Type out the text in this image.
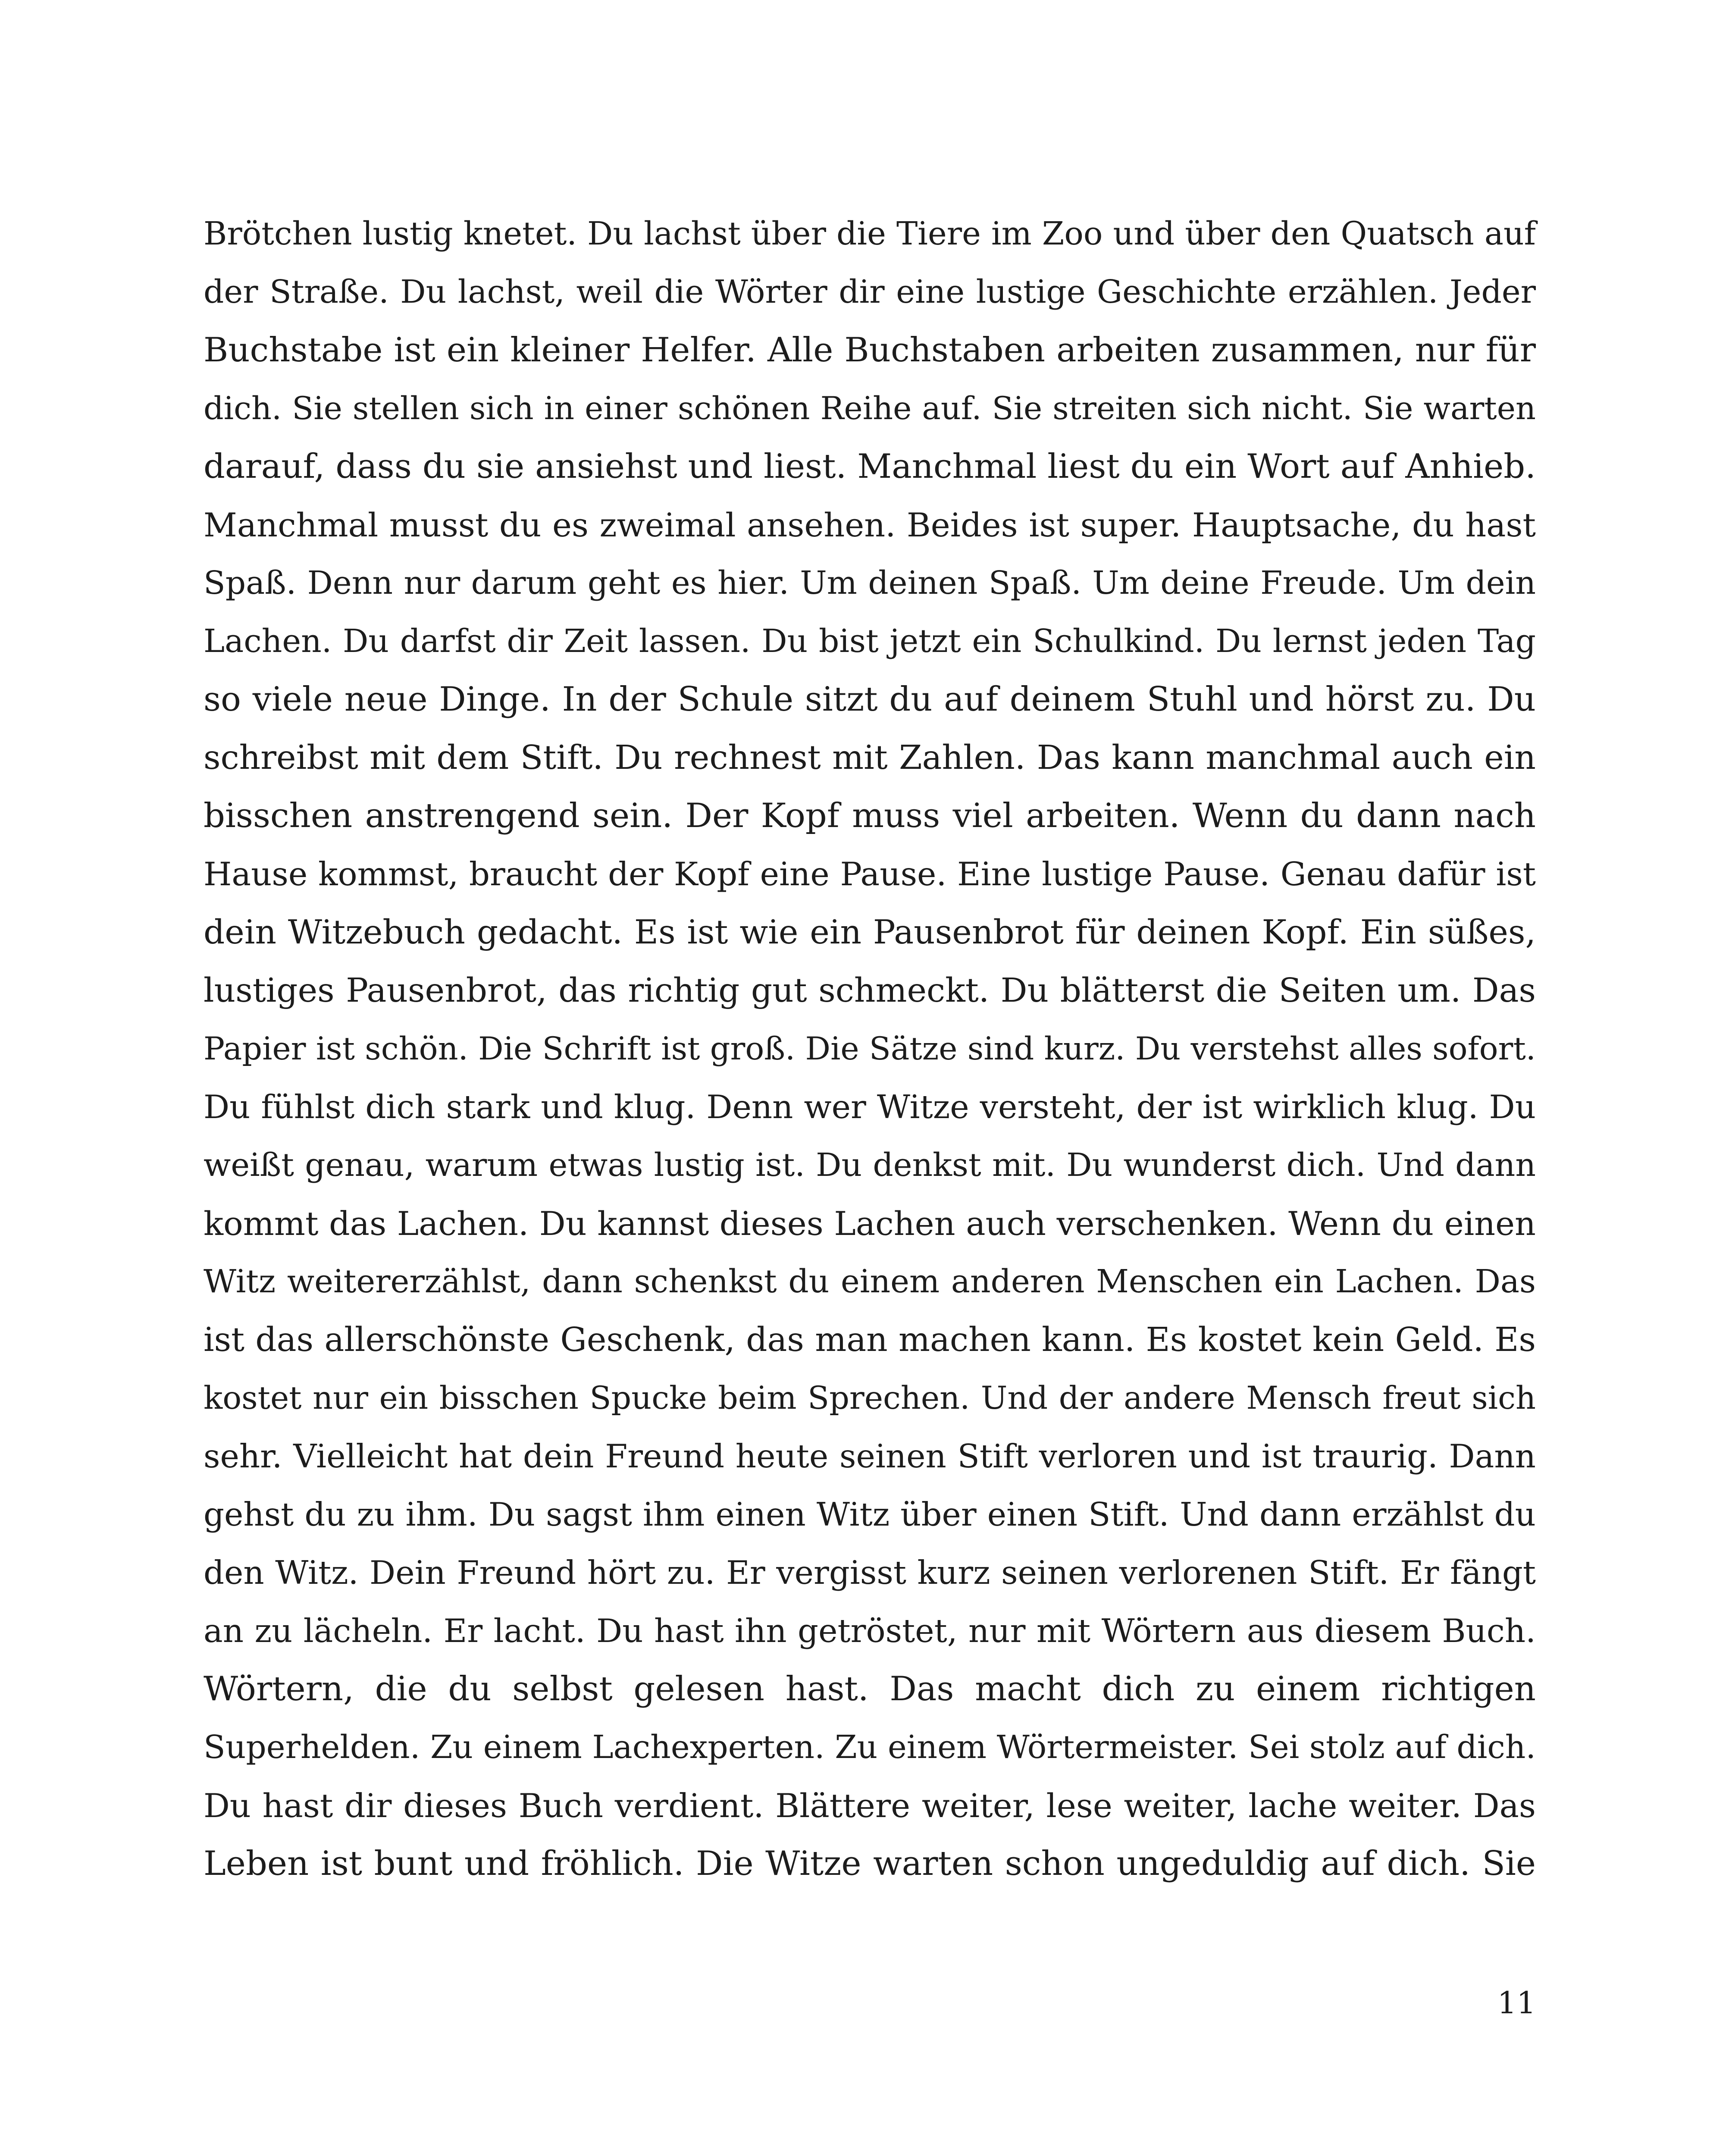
Brötchen lustig knetet. Du lachst über die Tiere im Zoo und über den Quatsch auf
der Straße. Du lachst, weil die Wörter dir eine lustige Geschichte erzählen. Jeder
Buchstabe ist ein kleiner Helfer. Alle Buchstaben arbeiten zusammen, nur für
dich. Sie stellen sich in einer schönen Reihe auf. Sie streiten sich nicht. Sie warten
darauf, dass du sie ansiehst und liest. Manchmal liest du ein Wort auf Anhieb.
Manchmal musst du es zweimal ansehen. Beides ist super. Hauptsache, du hast
Spaß. Denn nur darum geht es hier. Um deinen Spaß. Um deine Freude. Um dein
Lachen. Du darfst dir Zeit lassen. Du bist jetzt ein Schulkind. Du lernst jeden Tag
so viele neue Dinge. In der Schule sitzt du auf deinem Stuhl und hörst zu. Du
schreibst mit dem Stift. Du rechnest mit Zahlen. Das kann manchmal auch ein
bisschen anstrengend sein. Der Kopf muss viel arbeiten. Wenn du dann nach
Hause kommst, braucht der Kopf eine Pause. Eine lustige Pause. Genau dafür ist
dein Witzebuch gedacht. Es ist wie ein Pausenbrot für deinen Kopf. Ein süßes,
lustiges Pausenbrot, das richtig gut schmeckt. Du blätterst die Seiten um. Das
Papier ist schön. Die Schrift ist groß. Die Sätze sind kurz. Du verstehst alles sofort.
Du fühlst dich stark und klug. Denn wer Witze versteht, der ist wirklich klug. Du
weißt genau, warum etwas lustig ist. Du denkst mit. Du wunderst dich. Und dann
kommt das Lachen. Du kannst dieses Lachen auch verschenken. Wenn du einen
Witz weitererzählst, dann schenkst du einem anderen Menschen ein Lachen. Das
ist das allerschönste Geschenk, das man machen kann. Es kostet kein Geld. Es
kostet nur ein bisschen Spucke beim Sprechen. Und der andere Mensch freut sich
sehr. Vielleicht hat dein Freund heute seinen Stift verloren und ist traurig. Dann
gehst du zu ihm. Du sagst ihm einen Witz über einen Stift. Und dann erzählst du
den Witz. Dein Freund hört zu. Er vergisst kurz seinen verlorenen Stift. Er fängt
an zu lächeln. Er lacht. Du hast ihn getröstet, nur mit Wörtern aus diesem Buch.
Wörtern, die du selbst gelesen hast. Das macht dich zu einem richtigen
Superhelden. Zu einem Lachexperten. Zu einem Wörtermeister. Sei stolz auf dich.
Du hast dir dieses Buch verdient. Blättere weiter, lese weiter, lache weiter. Das
Leben ist bunt und fröhlich. Die Witze warten schon ungeduldig auf dich. Sie
11
